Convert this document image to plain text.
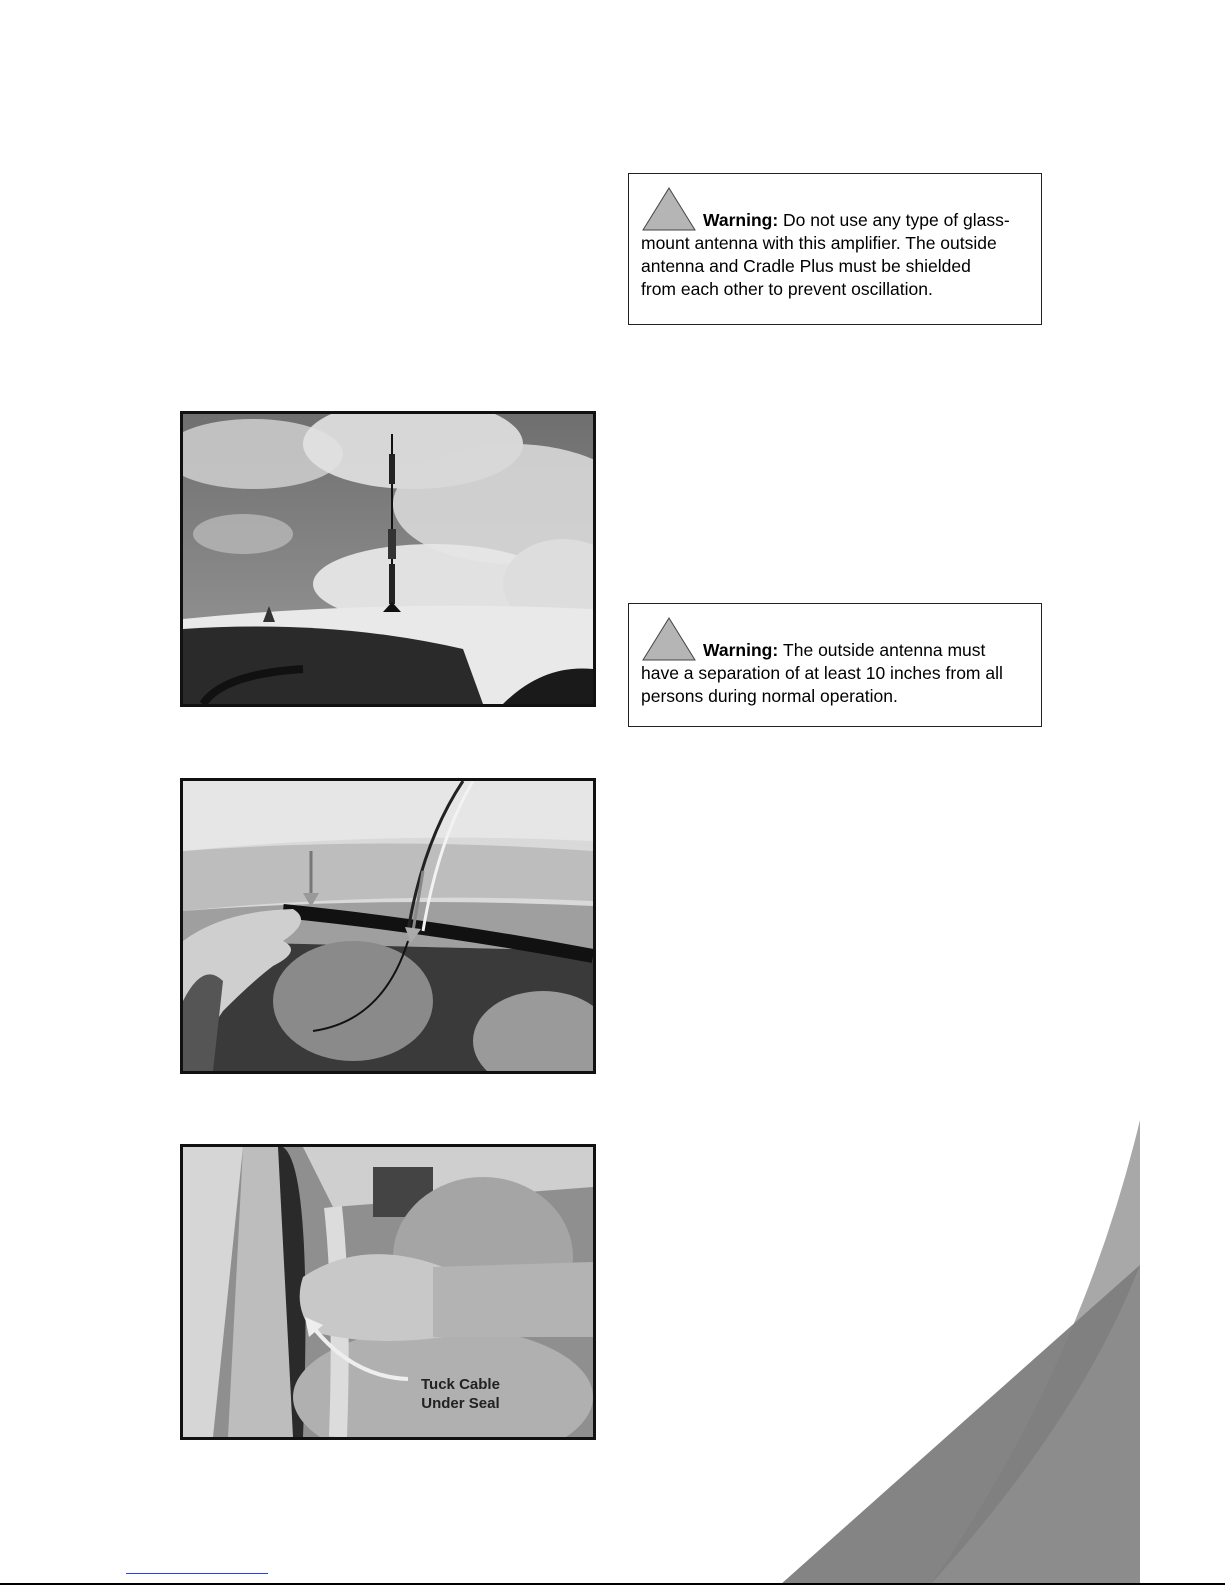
Warning:
Do not use any type of glass-
mount antenna with this amplifier. The outside
antenna and Cradle Plus must be shielded
from each other to prevent oscillation.
Warning:
The outside antenna must
have a separation of at least 10 inches from all
persons during normal operation.
Tuck Cable
Under Seal
